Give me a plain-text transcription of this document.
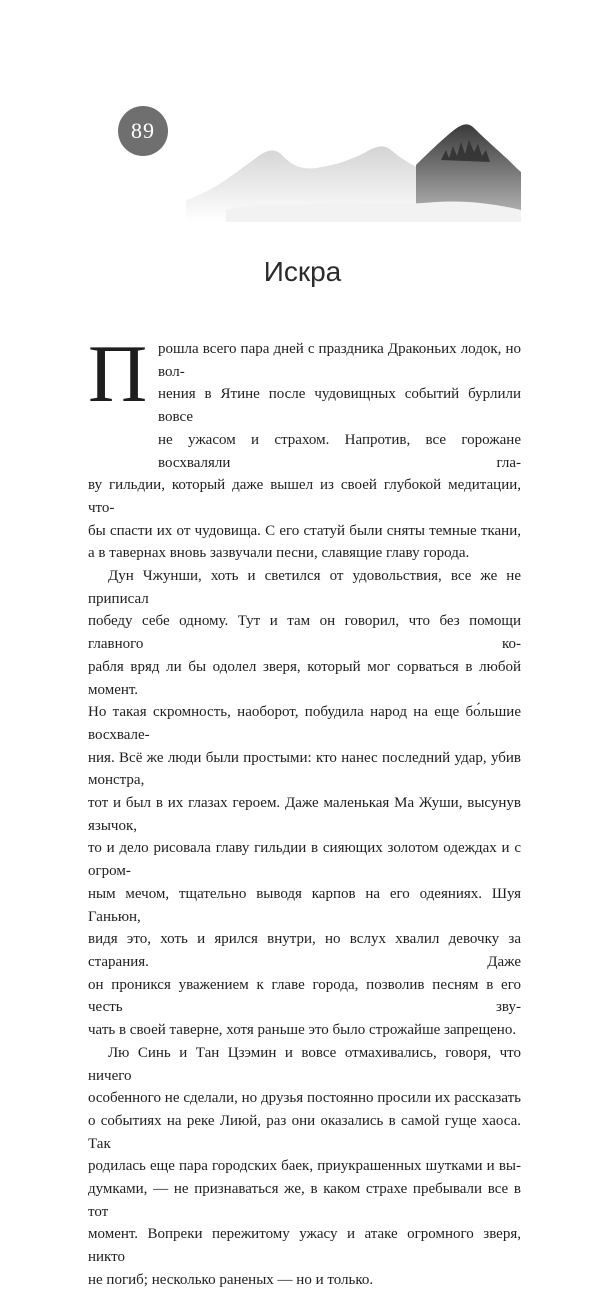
89
Искра
П рошла всего пара дней с праздника Драконьих лодок, но вол-

нения в Ятине после чудовищных событий бурлили вовсе

не ужасом и страхом. Напротив, все горожане восхваляли гла-

ву гильдии, который даже вышел из своей глубокой медитации, что-

бы спасти их от чудовища. С его статуй были сняты темные ткани,

а в тавернах вновь зазвучали песни, славящие главу города.

Дун Чжунши, хоть и светился от удовольствия, все же не приписал

победу себе одному. Тут и там он говорил, что без помощи главного ко-

рабля вряд ли бы одолел зверя, который мог сорваться в любой момент.

Но такая скромность, наоборот, побудила народ на еще бо́льшие восхвале-

ния. Всё же люди были простыми: кто нанес последний удар, убив монстра,

тот и был в их глазах героем. Даже маленькая Ма Жуши, высунув язычок,

то и дело рисовала главу гильдии в сияющих золотом одеждах и с огром-

ным мечом, тщательно выводя карпов на его одеяниях. Шуя Ганьюн,

видя это, хоть и ярился внутри, но вслух хвалил девочку за старания. Даже

он проникся уважением к главе города, позволив песням в его честь зву-

чать в своей таверне, хотя раньше это было строжайше запрещено.

Лю Синь и Тан Цзэмин и вовсе отмахивались, говоря, что ничего

особенного не сделали, но друзья постоянно просили их рассказать

о событиях на реке Лиюй, раз они оказались в самой гуще хаоса. Так

родилась еще пара городских баек, приукрашенных шутками и вы-

думками, — не признаваться же, в каком страхе пребывали все в тот

момент. Вопреки пережитому ужасу и атаке огромного зверя, никто

не погиб; несколько раненых — но и только.
